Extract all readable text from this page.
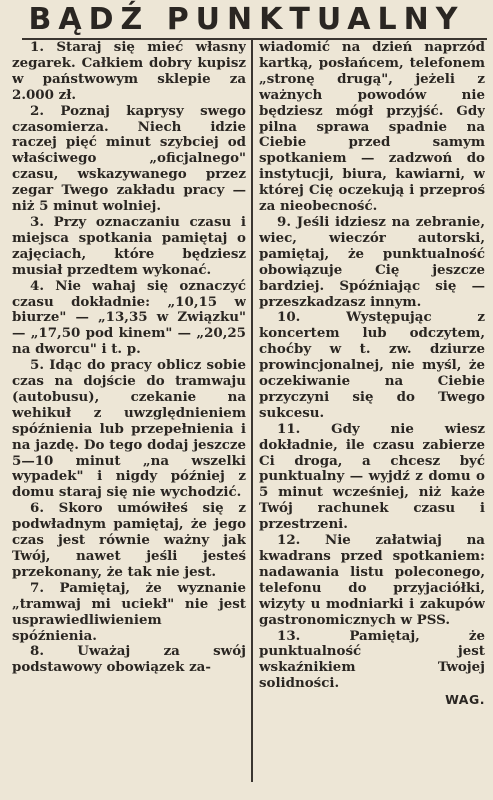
BĄDŹ PUNKTUALNY

1. Staraj się mieć własny zegarek. Całkiem dobry kupisz w państwowym sklepie za 2.000 zł.

2. Poznaj kaprysy swego czasomierza. Niech idzie raczej pięć minut szybciej od właściwego „oficjalnego" czasu, wskazywanego przez zegar Twego zakładu pracy — niż 5 minut wolniej.

3. Przy oznaczaniu czasu i miejsca spotkania pamiętaj o zajęciach, które będziesz musiał przedtem wykonać.

4. Nie wahaj się oznaczyć czasu dokładnie: „10,15 w biurze" — „13,35 w Związku" — „17,50 pod kinem" — „20,25 na dworcu" i t. p.

5. Idąc do pracy oblicz sobie czas na dojście do tramwaju (autobusu), czekanie na wehikuł z uwzględnieniem spóźnienia lub przepełnienia i na jazdę. Do tego dodaj jeszcze 5—10 minut „na wszelki wypadek" i nigdy później z domu staraj się nie wychodzić.

6. Skoro umówiłeś się z podwładnym pamiętaj, że jego czas jest równie ważny jak Twój, nawet jeśli jesteś przekonany, że tak nie jest.

7. Pamiętaj, że wyznanie „tramwaj mi uciekł" nie jest usprawiedliwieniem spóźnienia.

8. Uważaj za swój podstawowy obowiązek za-

wiadomić na dzień naprzód kartką, posłańcem, telefonem „stronę drugą", jeżeli z ważnych powodów nie będziesz mógł przyjść. Gdy pilna sprawa spadnie na Ciebie przed samym spotkaniem — zadzwoń do instytucji, biura, kawiarni, w której Cię oczekują i przeproś za nieobecność.

9. Jeśli idziesz na zebranie, wiec, wieczór autorski, pamiętaj, że punktualność obowiązuje Cię jeszcze bardziej. Spóźniając się — przeszkadzasz innym.

10. Występując z koncertem lub odczytem, choćby w t. zw. dziurze prowincjonalnej, nie myśl, że oczekiwanie na Ciebie przyczyni się do Twego sukcesu.

11. Gdy nie wiesz dokładnie, ile czasu zabierze Ci droga, a chcesz być punktualny — wyjdź z domu o 5 minut wcześniej, niż każe Twój rachunek czasu i przestrzeni.

12. Nie załatwiaj na kwadrans przed spotkaniem: nadawania listu poleconego, telefonu do przyjaciółki, wizyty u modniarki i zakupów gastronomicznych w PSS.

13. Pamiętaj, że punktualność jest wskaźnikiem Twojej solidności.

WAG.
